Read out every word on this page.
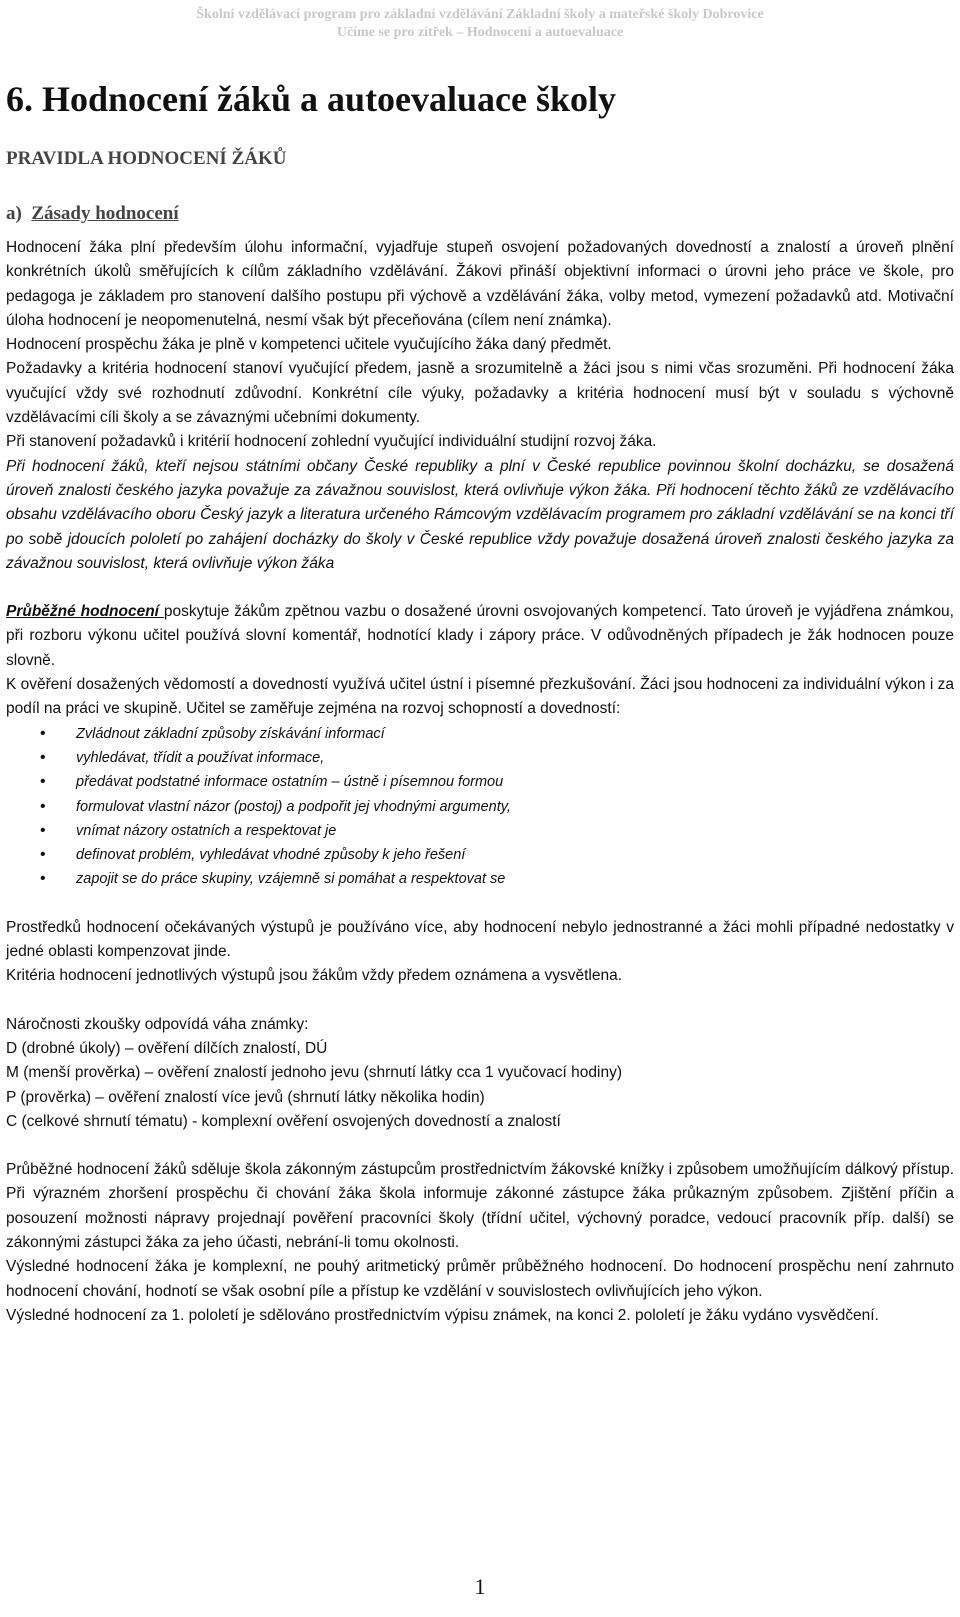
Školní vzdělávací program pro základní vzdělávání Základní školy a mateřské školy Dobrovice
Učíme se pro zítřek – Hodnocení a autoevaluace
6. Hodnocení žáků a autoevaluace školy
PRAVIDLA HODNOCENÍ ŽÁKŮ
a) Zásady hodnocení

Hodnocení žáka plní především úlohu informační, vyjadřuje stupeň osvojení požadovaných dovedností a znalostí a úroveň plnění konkrétních úkolů směřujících k cílům základního vzdělávání. Žákovi přináší objektivní informaci o úrovni jeho práce ve škole, pro pedagoga je základem pro stanovení dalšího postupu při výchově a vzdělávání žáka, volby metod, vymezení požadavků atd. Motivační úloha hodnocení je neopomenutelná, nesmí však být přeceňována (cílem není známka).

Hodnocení prospěchu žáka je plně v kompetenci učitele vyučujícího žáka daný předmět.

Požadavky a kritéria hodnocení stanoví vyučující předem, jasně a srozumitelně a žáci jsou s nimi včas srozuměni. Při hodnocení žáka vyučující vždy své rozhodnutí zdůvodní. Konkrétní cíle výuky, požadavky a kritéria hodnocení musí být v souladu s výchovně vzdělávacími cíli školy a se závaznými učebními dokumenty.

Při stanovení požadavků i kritérií hodnocení zohlední vyučující individuální studijní rozvoj žáka.

Při hodnocení žáků, kteří nejsou státními občany České republiky a plní v České republice povinnou školní docházku, se dosažená úroveň znalosti českého jazyka považuje za závažnou souvislost, která ovlivňuje výkon žáka. Při hodnocení těchto žáků ze vzdělávacího obsahu vzdělávacího oboru Český jazyk a literatura určeného Rámcovým vzdělávacím programem pro základní vzdělávání se na konci tří po sobě jdoucích pololetí po zahájení docházky do školy v České republice vždy považuje dosažená úroveň znalosti českého jazyka za závažnou souvislost, která ovlivňuje výkon žáka

Průběžné hodnocení poskytuje žákům zpětnou vazbu o dosažené úrovni osvojovaných kompetencí. Tato úroveň je vyjádřena známkou, při rozboru výkonu učitel používá slovní komentář, hodnotící klady i zápory práce. V odůvodněných případech je žák hodnocen pouze slovně.

K ověření dosažených vědomostí a dovedností využívá učitel ústní i písemné přezkušování. Žáci jsou hodnoceni za individuální výkon i za podíl na práci ve skupině. Učitel se zaměřuje zejména na rozvoj schopností a dovedností:

• Zvládnout základní způsoby získávání informací
• vyhledávat, třídit a používat informace,
• předávat podstatné informace ostatním – ústně i písemnou formou
• formulovat vlastní názor (postoj) a podpořit jej vhodnými argumenty,
• vnímat názory ostatních a respektovat je
• definovat problém, vyhledávat vhodné způsoby k jeho řešení
• zapojit se do práce skupiny, vzájemně si pomáhat a respektovat se

Prostředků hodnocení očekávaných výstupů je používáno více, aby hodnocení nebylo jednostranné a žáci mohli případné nedostatky v jedné oblasti kompenzovat jinde.

Kritéria hodnocení jednotlivých výstupů jsou žákům vždy předem oznámena a vysvětlena.

Náročnosti zkoušky odpovídá váha známky:

D (drobné úkoly) – ověření dílčích znalostí, DÚ

M (menší prověrka) – ověření znalostí jednoho jevu (shrnutí látky cca 1 vyučovací hodiny)

P (prověrka) – ověření znalostí více jevů (shrnutí látky několika hodin)

C (celkové shrnutí tématu) - komplexní ověření osvojených dovedností a znalostí

Průběžné hodnocení žáků sděluje škola zákonným zástupcům prostřednictvím žákovské knížky i způsobem umožňujícím dálkový přístup. Při výrazném zhoršení prospěchu či chování žáka škola informuje zákonné zástupce žáka průkazným způsobem. Zjištění příčin a posouzení možnosti nápravy projednají pověření pracovníci školy (třídní učitel, výchovný poradce, vedoucí pracovník příp. další) se zákonnými zástupci žáka za jeho účasti, nebrání-li tomu okolnosti.

Výsledné hodnocení žáka je komplexní, ne pouhý aritmetický průměr průběžného hodnocení. Do hodnocení prospěchu není zahrnuto hodnocení chování, hodnotí se však osobní píle a přístup ke vzdělání v souvislostech ovlivňujících jeho výkon.

Výsledné hodnocení za 1. pololetí je sdělováno prostřednictvím výpisu známek, na konci 2. pololetí je žáku vydáno vysvědčení.

1
